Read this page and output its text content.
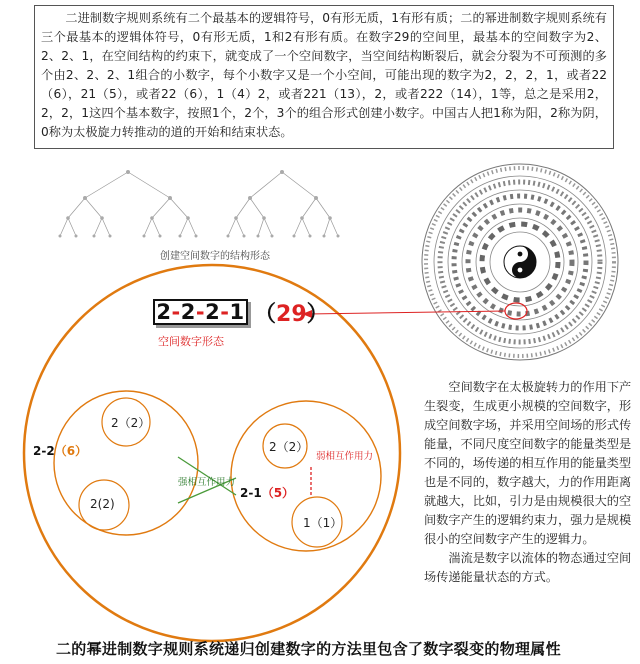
二进制数字规则系统有二个最基本的逻辑符号，0有形无质，1有形有质；二的幂进制数字规则系统有三个最基本的逻辑体符号，0有形无质，1和2有形有质。在数字29的空间里，最基本的空间数字为2、2、2、1，在空间结构的约束下，就变成了一个空间数字，当空间结构断裂后，就会分裂为不可预测的多个由2、2、2、1组合的小数字，每个小数字又是一个小空间，可能出现的数字为2，2，2，1，或者22（6），21（5），或者22（6），1（4）2，或者221（13），2，或者222（14），1等，总之是采用2，2，2，1这四个基本数字，按照1个，2个，3个的组合形式创建小数字。中国古人把1称为阳，2称为阴，0称为太极旋力转推动的道的开始和结束状态。

创建空间数字的结构形态
2-2-2-1 （29）
空间数字形态
2（2）
2(2)
2-2（6）	2（2）
1（1）
2-1（5）
强相互作用力
弱相互作用力

空间数字在太极旋转力的作用下产生裂变，生成更小规模的空间数字，形成空间数字场，并采用空间场的形式传能量，不同尺度空间数字的能量类型是不同的，场传递的相互作用的能量类型也是不同的，数字越大，力的作用距离就越大，比如，引力是由规模很大的空间数字产生的逻辑约束力，强力是规模很小的空间数字产生的逻辑力。

湍流是数字以流体的物态通过空间场传递能量状态的方式。

二的幂进制数字规则系统递归创建数字的方法里包含了数字裂变的物理属性
